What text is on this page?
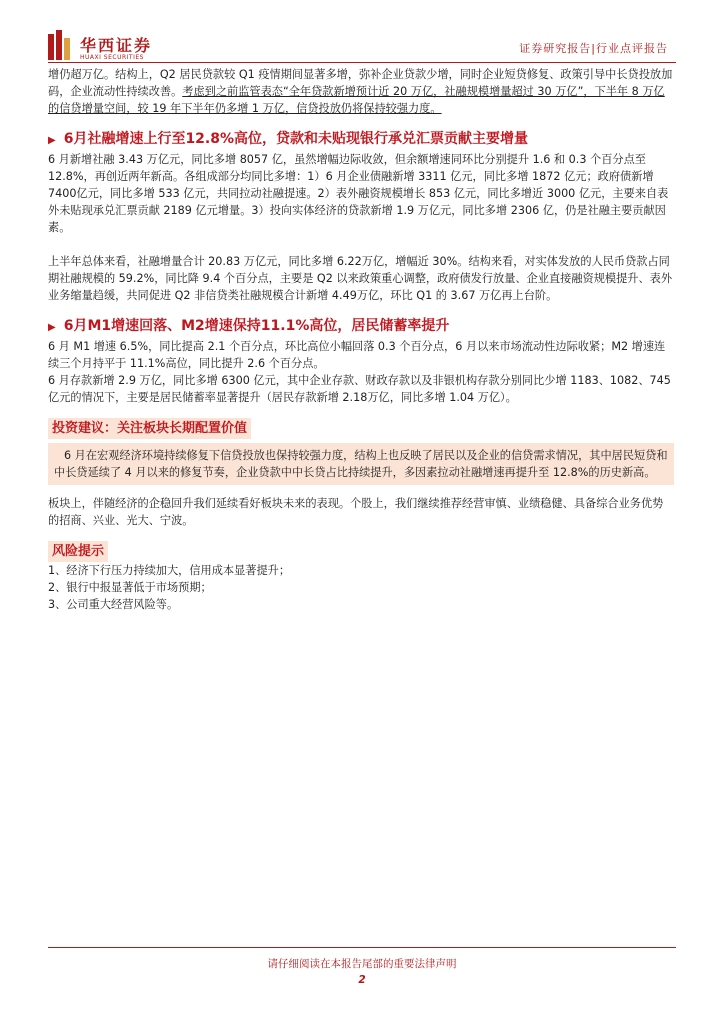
华西证券
HUAXI SECURITIES
证券研究报告|行业点评报告

增仍超万亿。结构上，Q2 居民贷款较 Q1 疫情期间显著多增，弥补企业贷款少增，同时企业短贷修复、政策引导中长贷投放加码，企业流动性持续改善。考虑到之前监管表态“全年贷款新增预计近 20 万亿，社融规模增量超过 30 万亿”，下半年 8 万亿的信贷增量空间，较 19 年下半年仍多增 1 万亿，信贷投放仍将保持较强力度。

▶ 6月社融增速上行至12.8%高位，贷款和未贴现银行承兑汇票贡献主要增量

6 月新增社融 3.43 万亿元，同比多增 8057 亿，虽然增幅边际收敛，但余额增速同环比分别提升 1.6 和 0.3 个百分点至12.8%，再创近两年新高。各组成部分均同比多增：1）6 月企业债融新增 3311 亿元，同比多增 1872 亿元；政府债新增 7400亿元，同比多增 533 亿元，共同拉动社融提速。2）表外融资规模增长 853 亿元，同比多增近 3000 亿元，主要来自表外未贴现承兑汇票贡献 2189 亿元增量。3）投向实体经济的贷款新增 1.9 万亿元，同比多增 2306 亿，仍是社融主要贡献因素。

上半年总体来看，社融增量合计 20.83 万亿元，同比多增 6.22万亿，增幅近 30%。结构来看，对实体发放的人民币贷款占同期社融规模的 59.2%，同比降 9.4 个百分点，主要是 Q2 以来政策重心调整，政府债发行放量、企业直接融资规模提升、表外业务缩量趋缓，共同促进 Q2 非信贷类社融规模合计新增 4.49万亿，环比 Q1 的 3.67 万亿再上台阶。

▶ 6月M1增速回落、M2增速保持11.1%高位，居民储蓄率提升

6 月 M1 增速 6.5%，同比提高 2.1 个百分点，环比高位小幅回落 0.3 个百分点，6 月以来市场流动性边际收紧；M2 增速连续三个月持平于 11.1%高位，同比提升 2.6 个百分点。

6 月存款新增 2.9 万亿，同比多增 6300 亿元，其中企业存款、财政存款以及非银机构存款分别同比少增 1183、1082、745 亿元的情况下，主要是居民储蓄率显著提升（居民存款新增 2.18万亿，同比多增 1.04 万亿）。

投资建议：关注板块长期配置价值

6 月在宏观经济环境持续修复下信贷投放也保持较强力度，结构上也反映了居民以及企业的信贷需求情况，其中居民短贷和中长贷延续了 4 月以来的修复节奏，企业贷款中中长贷占比持续提升，多因素拉动社融增速再提升至 12.8%的历史新高。

板块上，伴随经济的企稳回升我们延续看好板块未来的表现。个股上，我们继续推荐经营审慎、业绩稳健、具备综合业务优势的招商、兴业、光大、宁波。

风险提示

1、经济下行压力持续加大，信用成本显著提升；

2、银行中报显著低于市场预期；

3、公司重大经营风险等。

请仔细阅读在本报告尾部的重要法律声明
2
